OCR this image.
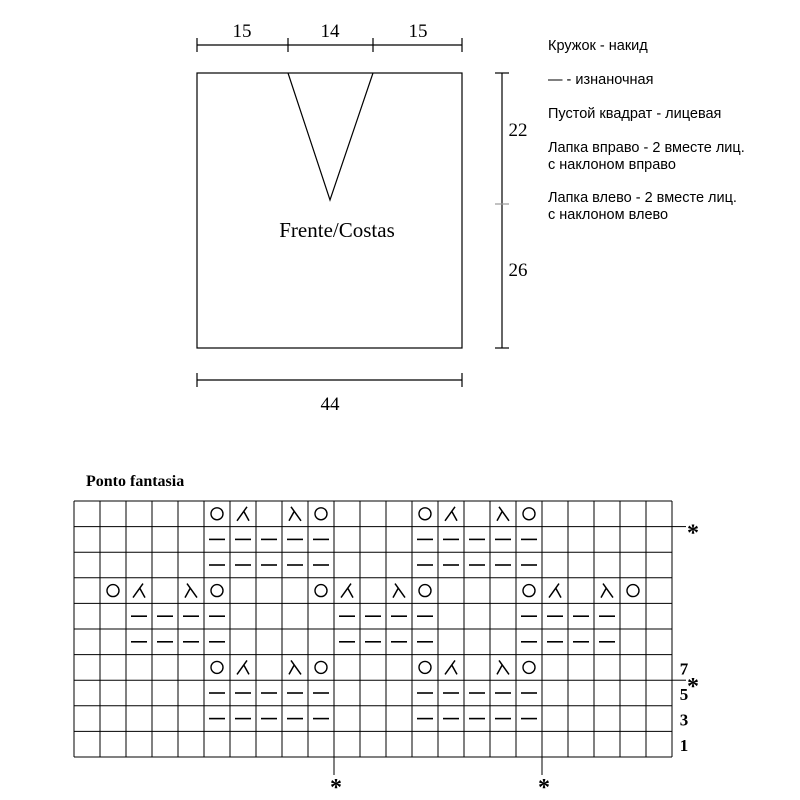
15	14	15
44
22
26
Frente/Costas
7
5
3
1
*
*
*	*
Ponto fantasia
Кружок - накид
— - изнаночная
Пустой квадрат - лицевая
Лапка вправо - 2 вместе лиц.
с наклоном вправо
Лапка влево - 2 вместе лиц.
с наклоном влево
